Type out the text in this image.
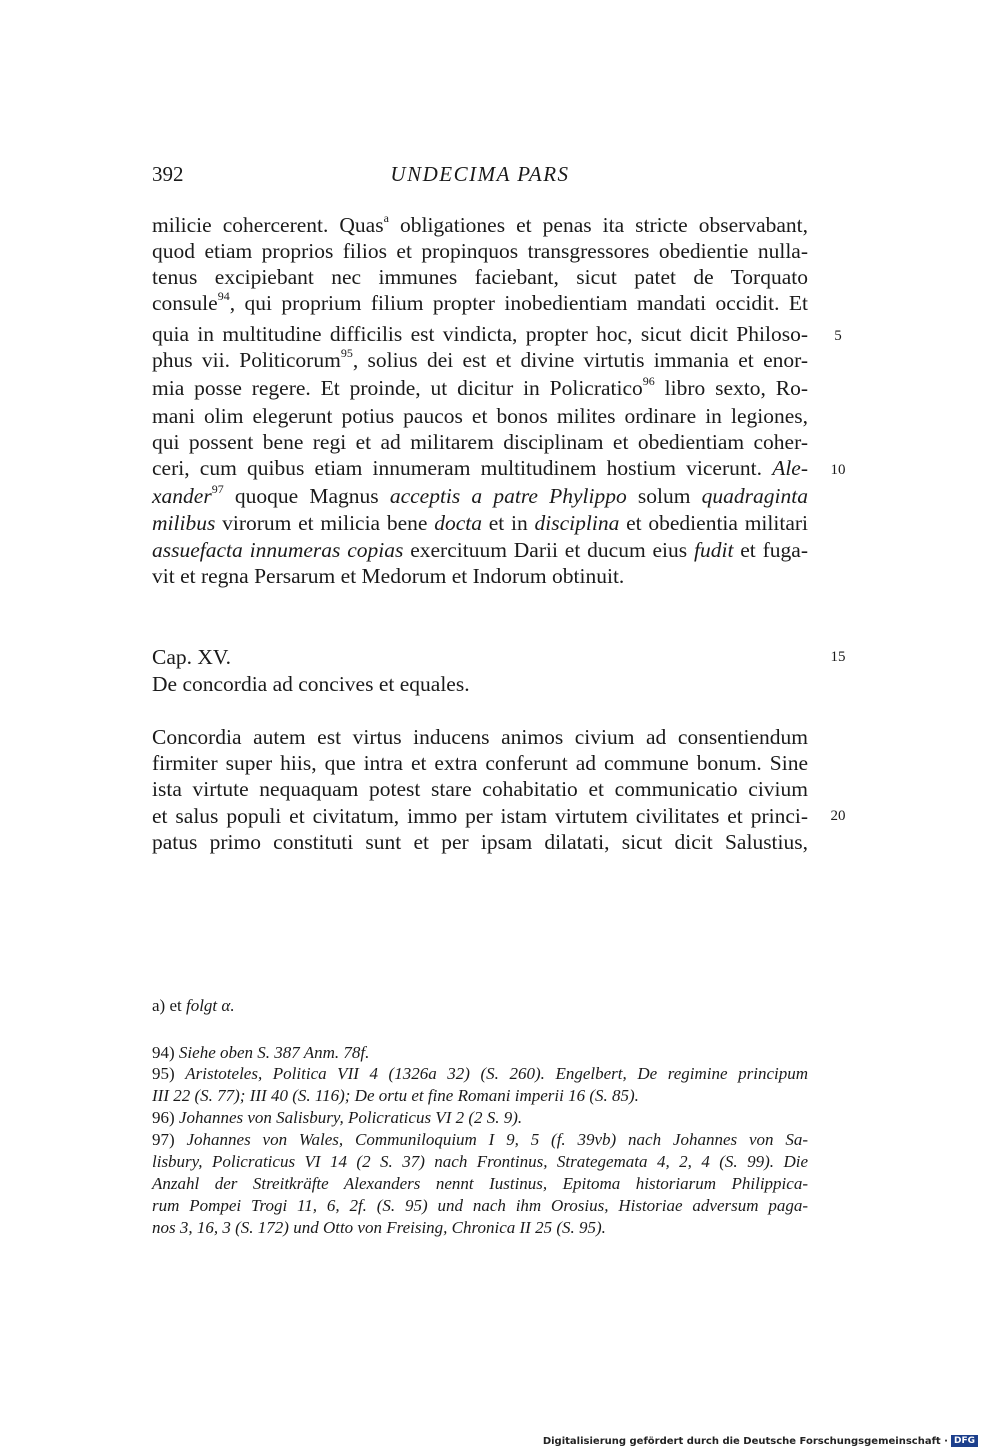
392	UNDECIMA PARS
milicie cohercerent. Quas$^a$ obligationes et penas ita stricte observabant,
quod etiam proprios filios et propinquos transgressores obedientie nulla-
tenus excipiebant nec immunes faciebant, sicut patet de Torquato
consule$^{94}$, qui proprium filium propter inobedientiam mandati occidit. Et
quia in multitudine difficilis est vindicta, propter hoc, sicut dicit Philoso-
phus vii. Politicorum$^{95}$, solius dei est et divine virtutis immania et enor-
mia posse regere. Et proinde, ut dicitur in Policratico$^{96}$ libro sexto, Ro-
mani olim elegerunt potius paucos et bonos milites ordinare in legiones,
qui possent bene regi et ad militarem disciplinam et obedientiam coher-
ceri, cum quibus etiam innumeram multitudinem hostium vicerunt. Ale-
xander$^{97}$ quoque Magnus acceptis a patre Phylippo solum quadraginta
milibus virorum et milicia bene docta et in disciplina et obedientia militari
assuefacta innumeras copias exercituum Darii et ducum eius fudit et fuga-
vit et regna Persarum et Medorum et Indorum obtinuit.
Cap. XV.
De concordia ad concives et equales.
Concordia autem est virtus inducens animos civium ad consentiendum
firmiter super hiis, que intra et extra conferunt ad commune bonum. Sine
ista virtute nequaquam potest stare cohabitatio et communicatio civium
et salus populi et civitatum, immo per istam virtutem civilitates et princi-
patus primo constituti sunt et per ipsam dilatati, sicut dicit Salustius,
5
10
15
20
a) et folgt α.
94) Siehe oben S. 387 Anm. 78f.
95) Aristoteles, Politica VII 4 (1326a 32) (S. 260). Engelbert, De regimine principum
III 22 (S. 77); III 40 (S. 116); De ortu et fine Romani imperii 16 (S. 85).
96) Johannes von Salisbury, Policraticus VI 2 (2 S. 9).
97) Johannes von Wales, Communiloquium I 9, 5 (f. 39vb) nach Johannes von Sa-
lisbury, Policraticus VI 14 (2 S. 37) nach Frontinus, Strategemata 4, 2, 4 (S. 99). Die
Anzahl der Streitkräfte Alexanders nennt Iustinus, Epitoma historiarum Philippica-
rum Pompei Trogi 11, 6, 2f. (S. 95) und nach ihm Orosius, Historiae adversum paga-
nos 3, 16, 3 (S. 172) und Otto von Freising, Chronica II 25 (S. 95).
Digitalisierung gefördert durch die Deutsche Forschungsgemeinschaft · DFG
